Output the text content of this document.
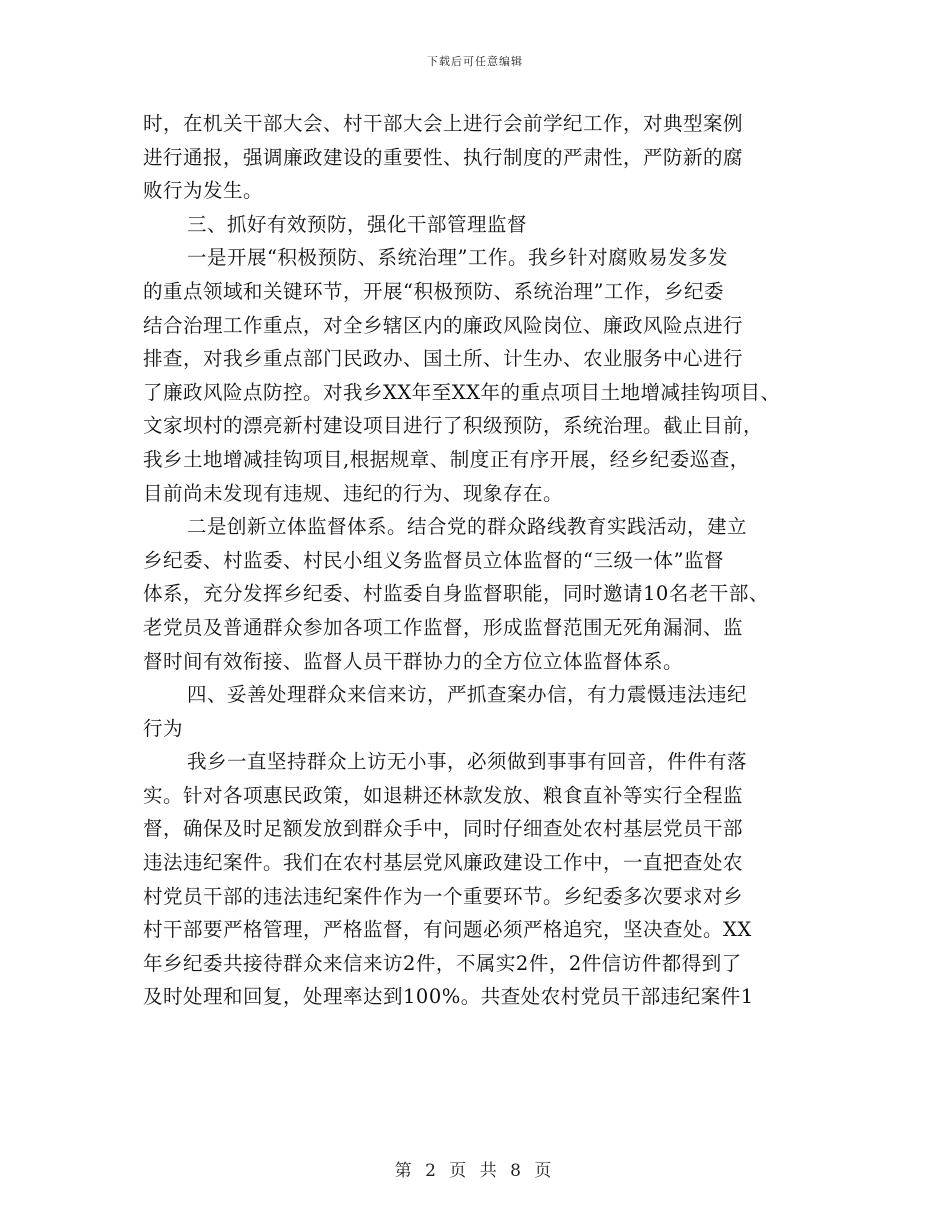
下载后可任意编辑
时，在机关干部大会、村干部大会上进行会前学纪工作，对典型案例
进行通报，强调廉政建设的重要性、执行制度的严肃性，严防新的腐
败行为发生。
三、抓好有效预防，强化干部管理监督
一是开展“积极预防、系统治理”工作。我乡针对腐败易发多发
的重点领域和关键环节，开展“积极预防、系统治理”工作，乡纪委
结合治理工作重点，对全乡辖区内的廉政风险岗位、廉政风险点进行
排查，对我乡重点部门民政办、国土所、计生办、农业服务中心进行
了廉政风险点防控。对我乡XX年至XX年的重点项目土地增减挂钩项目、
文家坝村的漂亮新村建设项目进行了积级预防，系统治理。截止目前，
我乡土地增减挂钩项目,根据规章、制度正有序开展，经乡纪委巡查，
目前尚未发现有违规、违纪的行为、现象存在。
二是创新立体监督体系。结合党的群众路线教育实践活动，建立
乡纪委、村监委、村民小组义务监督员立体监督的“三级一体”监督
体系，充分发挥乡纪委、村监委自身监督职能，同时邀请10名老干部、
老党员及普通群众参加各项工作监督，形成监督范围无死角漏洞、监
督时间有效衔接、监督人员干群协力的全方位立体监督体系。
四、妥善处理群众来信来访，严抓查案办信，有力震慑违法违纪
行为
我乡一直坚持群众上访无小事，必须做到事事有回音，件件有落
实。针对各项惠民政策，如退耕还林款发放、粮食直补等实行全程监
督，确保及时足额发放到群众手中，同时仔细查处农村基层党员干部
违法违纪案件。我们在农村基层党风廉政建设工作中，一直把查处农
村党员干部的违法违纪案件作为一个重要环节。乡纪委多次要求对乡
村干部要严格管理，严格监督，有问题必须严格追究，坚决查处。XX
年乡纪委共接待群众来信来访2件，不属实2件，2件信访件都得到了
及时处理和回复，处理率达到100%。共查处农村党员干部违纪案件1
第 2 页 共 8 页
